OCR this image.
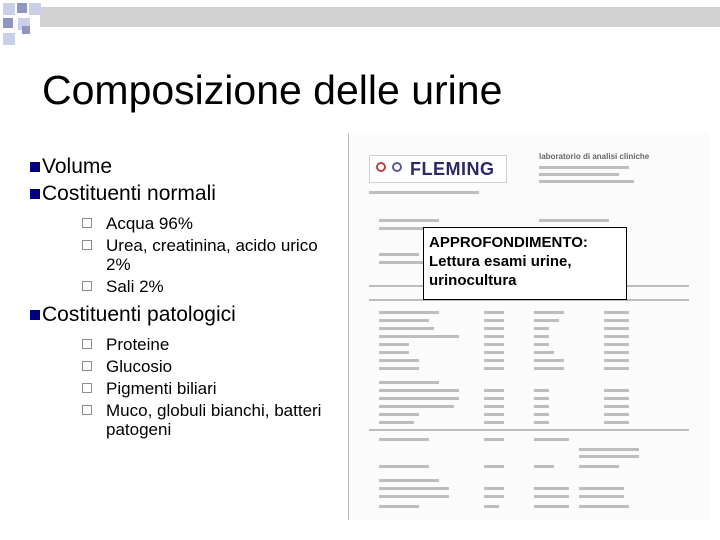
Composizione delle urine
Volume
Costituenti normali
Acqua 96%
Urea, creatinina, acido urico 2%
Sali 2%
Costituenti patologici
Proteine
Glucosio
Pigmenti biliari
Muco, globuli bianchi, batteri patogeni
FLEMING
laboratorio di analisi cliniche
APPROFONDIMENTO:
Lettura esami urine,
urinocultura
